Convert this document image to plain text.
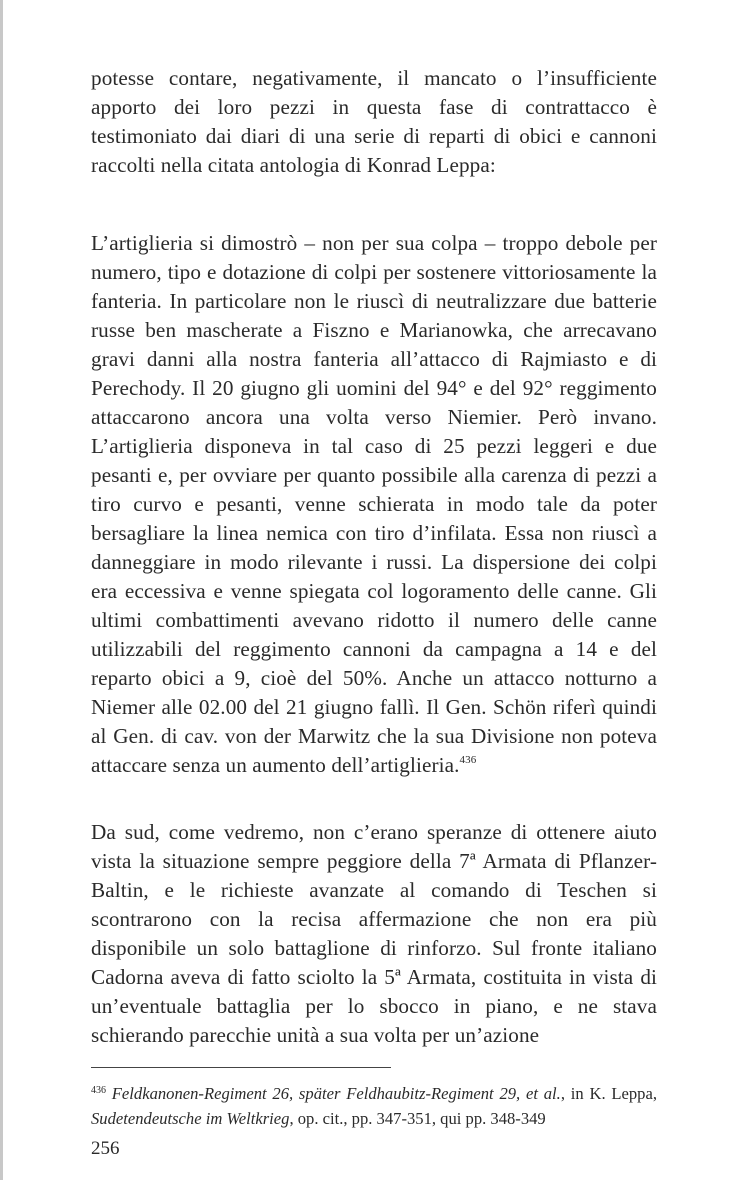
potesse contare, negativamente, il mancato o l’insufficiente apporto dei loro pezzi in questa fase di contrattacco è testimoniato dai diari di una serie di reparti di obici e cannoni raccolti nella citata antologia di Konrad Leppa:

L’artiglieria si dimostrò – non per sua colpa – troppo debole per numero, tipo e dotazione di colpi per sostenere vittoriosamente la fanteria. In particolare non le riuscì di neutralizzare due batterie russe ben mascherate a Fiszno e Marianowka, che arrecavano gravi danni alla nostra fanteria all’attacco di Rajmiasto e di Perechody. Il 20 giugno gli uomini del 94° e del 92° reggimento attaccarono ancora una volta verso Niemier. Però invano. L’artiglieria disponeva in tal caso di 25 pezzi leggeri e due pesanti e, per ovviare per quanto possibile alla carenza di pezzi a tiro curvo e pesanti, venne schierata in modo tale da poter bersagliare la linea nemica con tiro d’infilata. Essa non riuscì a danneggiare in modo rilevante i russi. La dispersione dei colpi era eccessiva e venne spiegata col logoramento delle canne. Gli ultimi combattimenti avevano ridotto il numero delle canne utilizzabili del reggimento cannoni da campagna a 14 e del reparto obici a 9, cioè del 50%. Anche un attacco notturno a Niemer alle 02.00 del 21 giugno fallì. Il Gen. Schön riferì quindi al Gen. di cav. von der Marwitz che la sua Divisione non poteva attaccare senza un aumento dell’artiglieria.$^{436}$

Da sud, come vedremo, non c’erano speranze di ottenere aiuto vista la situazione sempre peggiore della 7ª Armata di Pflanzer-Baltin, e le richieste avanzate al comando di Teschen si scontrarono con la recisa affermazione che non era più disponibile un solo battaglione di rinforzo. Sul fronte italiano Cadorna aveva di fatto sciolto la 5ª Armata, costituita in vista di un’eventuale battaglia per lo sbocco in piano, e ne stava schierando parecchie unità a sua volta per un’azione

$^{436}$ Feldkanonen-Regiment 26, später Feldhaubitz-Regiment 29, et al., in K. Leppa, Sudetendeutsche im Weltkrieg, op. cit., pp. 347-351, qui pp. 348-349
256
